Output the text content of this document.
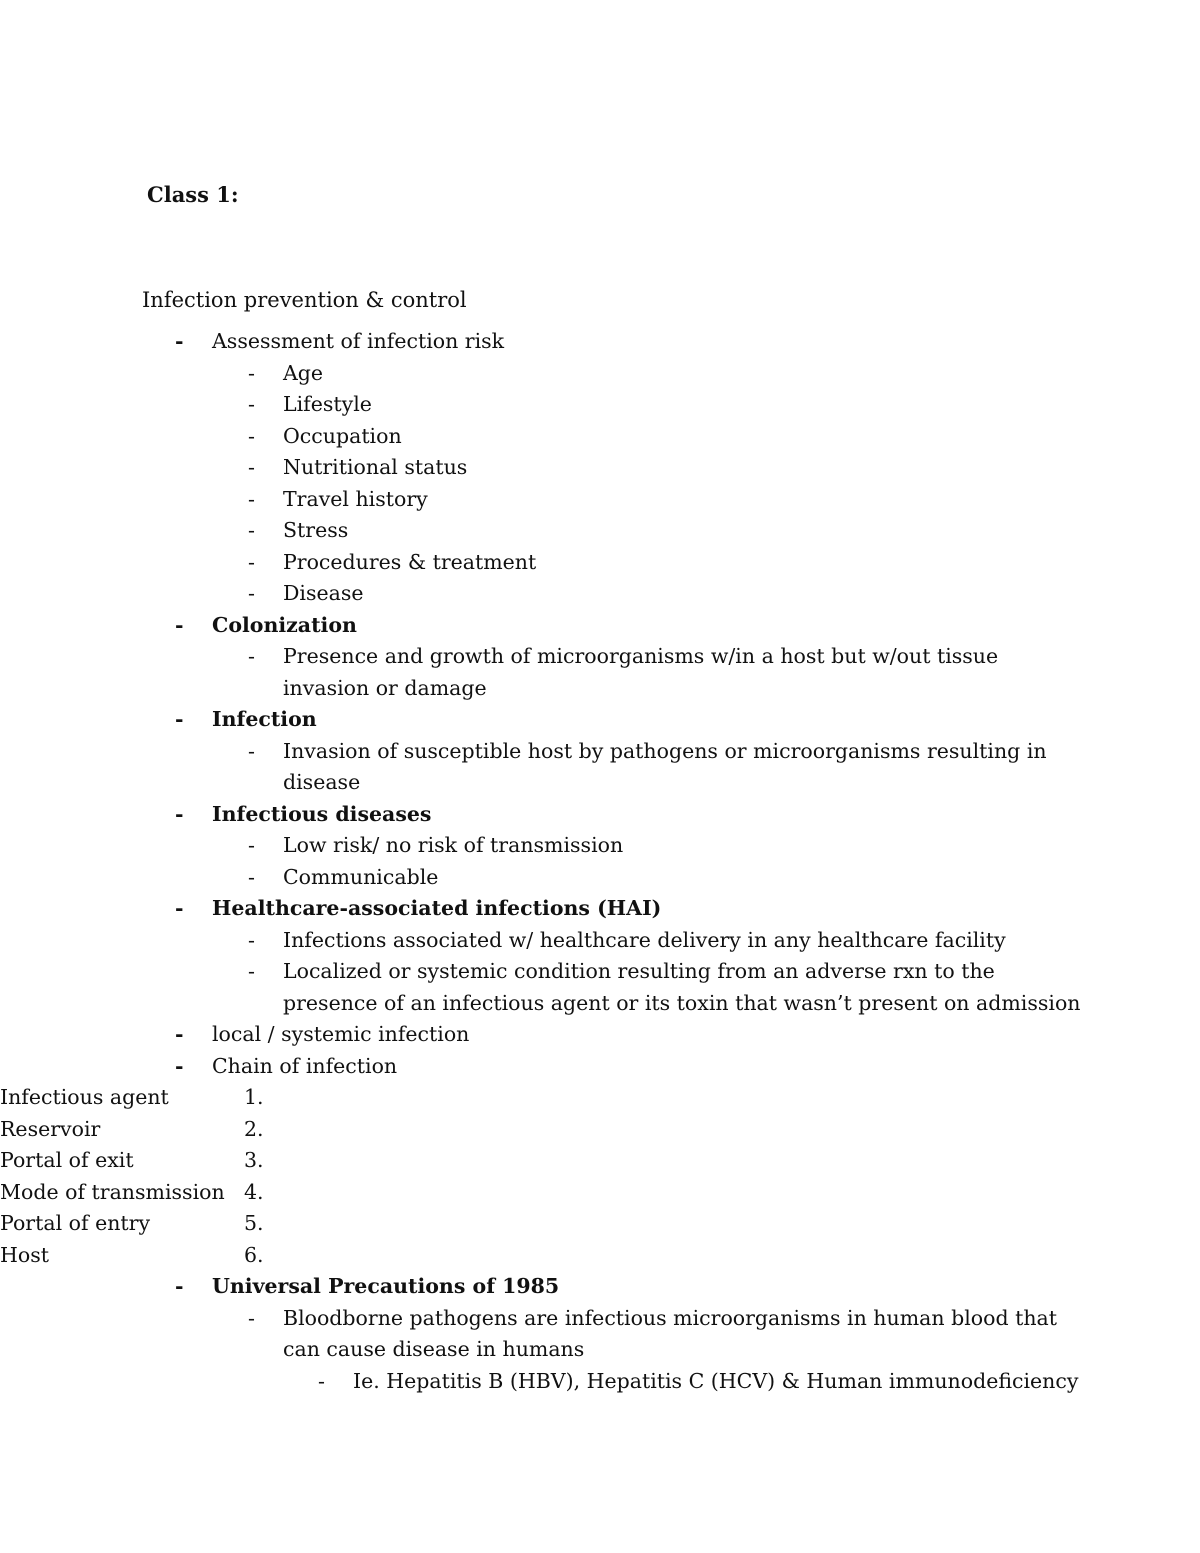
Class 1:
Infection prevention & control
- Assessment of infection risk
- Age
- Lifestyle
- Occupation
- Nutritional status
- Travel history
- Stress
- Procedures & treatment
- Disease
- Colonization
- Presence and growth of microorganisms w/in a host but w/out tissue
invasion or damage
- Infection
- Invasion of susceptible host by pathogens or microorganisms resulting in
disease
- Infectious diseases
- Low risk/ no risk of transmission
- Communicable
- Healthcare-associated infections (HAI)
- Infections associated w/ healthcare delivery in any healthcare facility
- Localized or systemic condition resulting from an adverse rxn to the
presence of an infectious agent or its toxin that wasn’t present on admission
- local / systemic infection
- Chain of infection
1.
Infectious agent
2.
Reservoir
3.
Portal of exit
4.
Mode of transmission
5.
Portal of entry
6.
Host
- Universal Precautions of 1985
- Bloodborne pathogens are infectious microorganisms in human blood that
can cause disease in humans
- Ie. Hepatitis B (HBV), Hepatitis C (HCV) & Human immunodeficiency
